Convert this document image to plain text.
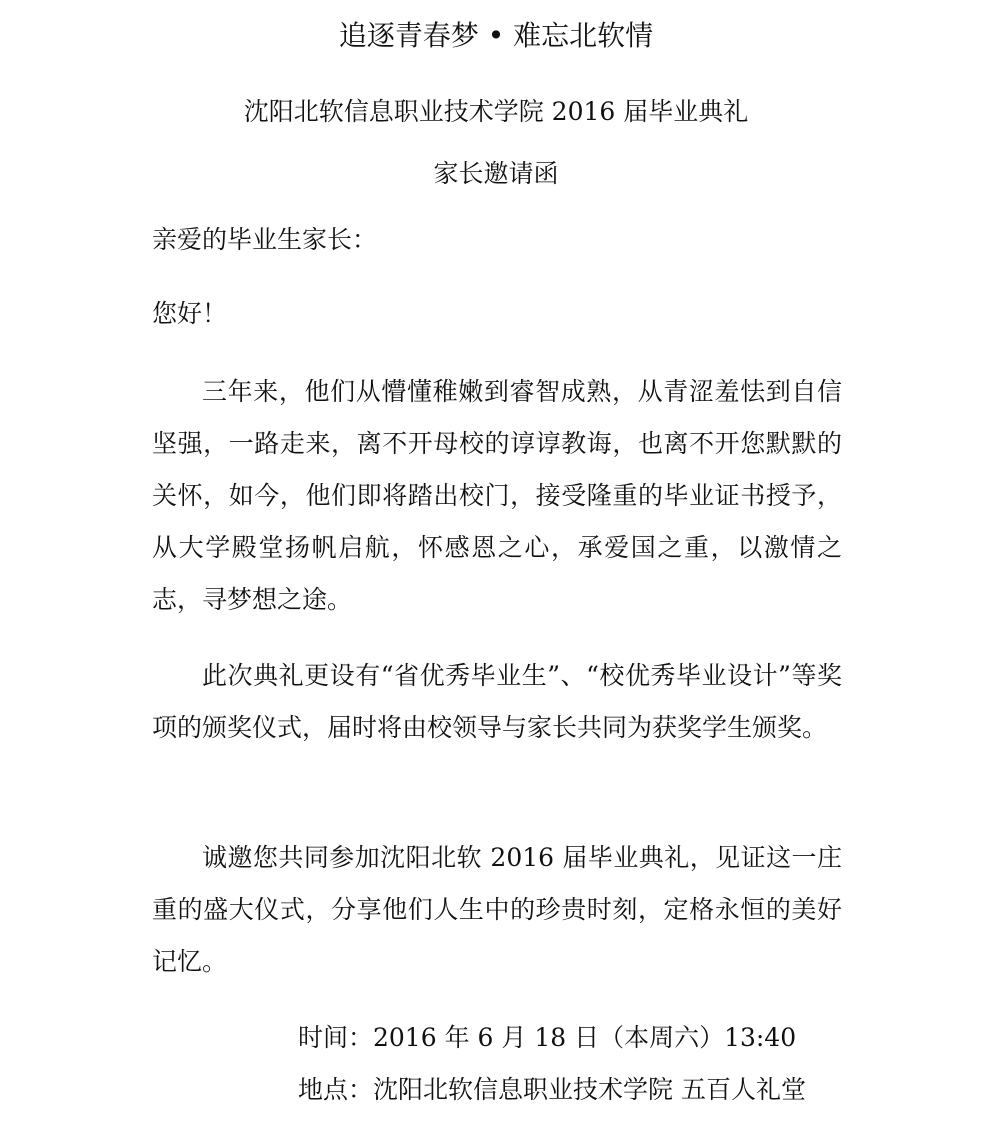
追逐青春梦 • 难忘北软情
沈阳北软信息职业技术学院 2016 届毕业典礼
家长邀请函
亲爱的毕业生家长：
您好！
三年来，他们从懵懂稚嫩到睿智成熟，从青涩羞怯到自信坚强，一路走来，离不开母校的谆谆教诲，也离不开您默默的关怀，如今，他们即将踏出校门，接受隆重的毕业证书授予，从大学殿堂扬帆启航，怀感恩之心，承爱国之重，以激情之志，寻梦想之途。
此次典礼更设有“省优秀毕业生”、“校优秀毕业设计”等奖项的颁奖仪式，届时将由校领导与家长共同为获奖学生颁奖。
诚邀您共同参加沈阳北软 2016 届毕业典礼，见证这一庄重的盛大仪式，分享他们人生中的珍贵时刻，定格永恒的美好记忆。
时间：2016 年 6 月 18 日（本周六）13:40
地点：沈阳北软信息职业技术学院 五百人礼堂
